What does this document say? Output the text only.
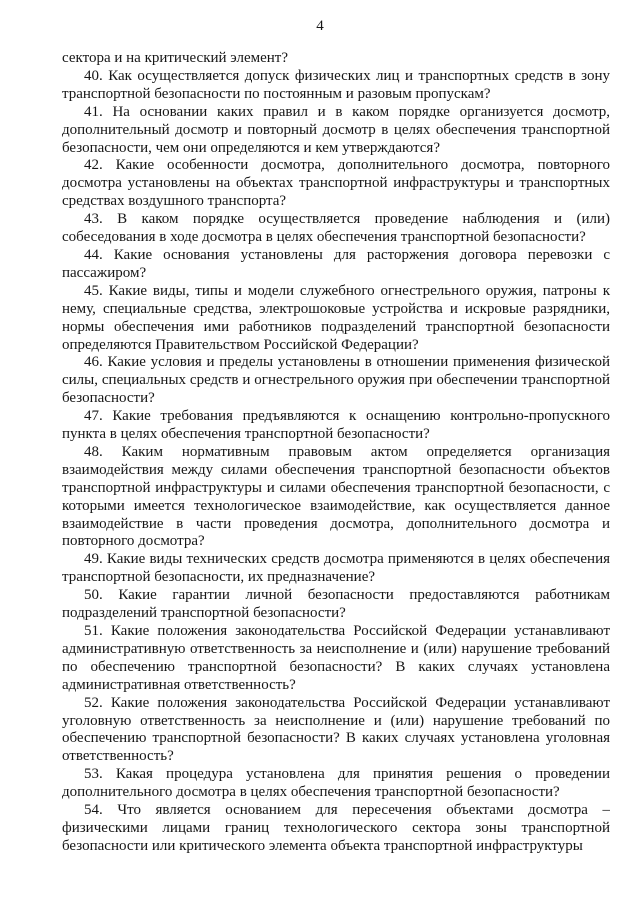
4

сектора и на критический элемент?

40. Как осуществляется допуск физических лиц и транспортных средств в зону транспортной безопасности по постоянным и разовым пропускам?

41. На основании каких правил и в каком порядке организуется досмотр, дополнительный досмотр и повторный досмотр в целях обеспечения транспортной безопасности, чем они определяются и кем утверждаются?

42. Какие особенности досмотра, дополнительного досмотра, повторного досмотра установлены на объектах транспортной инфраструктуры и транспортных средствах воздушного транспорта?

43. В каком порядке осуществляется проведение наблюдения и (или) собеседования в ходе досмотра в целях обеспечения транспортной безопасности?

44. Какие основания установлены для расторжения договора перевозки с пассажиром?

45. Какие виды, типы и модели служебного огнестрельного оружия, патроны к нему, специальные средства, электрошоковые устройства и искровые разрядники, нормы обеспечения ими работников подразделений транспортной безопасности определяются Правительством Российской Федерации?

46. Какие условия и пределы установлены в отношении применения физической силы, специальных средств и огнестрельного оружия при обеспечении транспортной безопасности?

47. Какие требования предъявляются к оснащению контрольно-пропускного пункта в целях обеспечения транспортной безопасности?

48. Каким нормативным правовым актом определяется организация взаимодействия между силами обеспечения транспортной безопасности объектов транспортной инфраструктуры и силами обеспечения транспортной безопасности, с которыми имеется технологическое взаимодействие, как осуществляется данное взаимодействие в части проведения досмотра, дополнительного досмотра и повторного досмотра?

49. Какие виды технических средств досмотра применяются в целях обеспечения транспортной безопасности, их предназначение?

50. Какие гарантии личной безопасности предоставляются работникам подразделений транспортной безопасности?

51. Какие положения законодательства Российской Федерации устанавливают административную ответственность за неисполнение и (или) нарушение требований по обеспечению транспортной безопасности? В каких случаях установлена административная ответственность?

52. Какие положения законодательства Российской Федерации устанавливают уголовную ответственность за неисполнение и (или) нарушение требований по обеспечению транспортной безопасности? В каких случаях установлена уголовная ответственность?

53. Какая процедура установлена для принятия решения о проведении дополнительного досмотра в целях обеспечения транспортной безопасности?

54. Что является основанием для пересечения объектами досмотра – физическими лицами границ технологического сектора зоны транспортной безопасности или критического элемента объекта транспортной инфраструктуры
